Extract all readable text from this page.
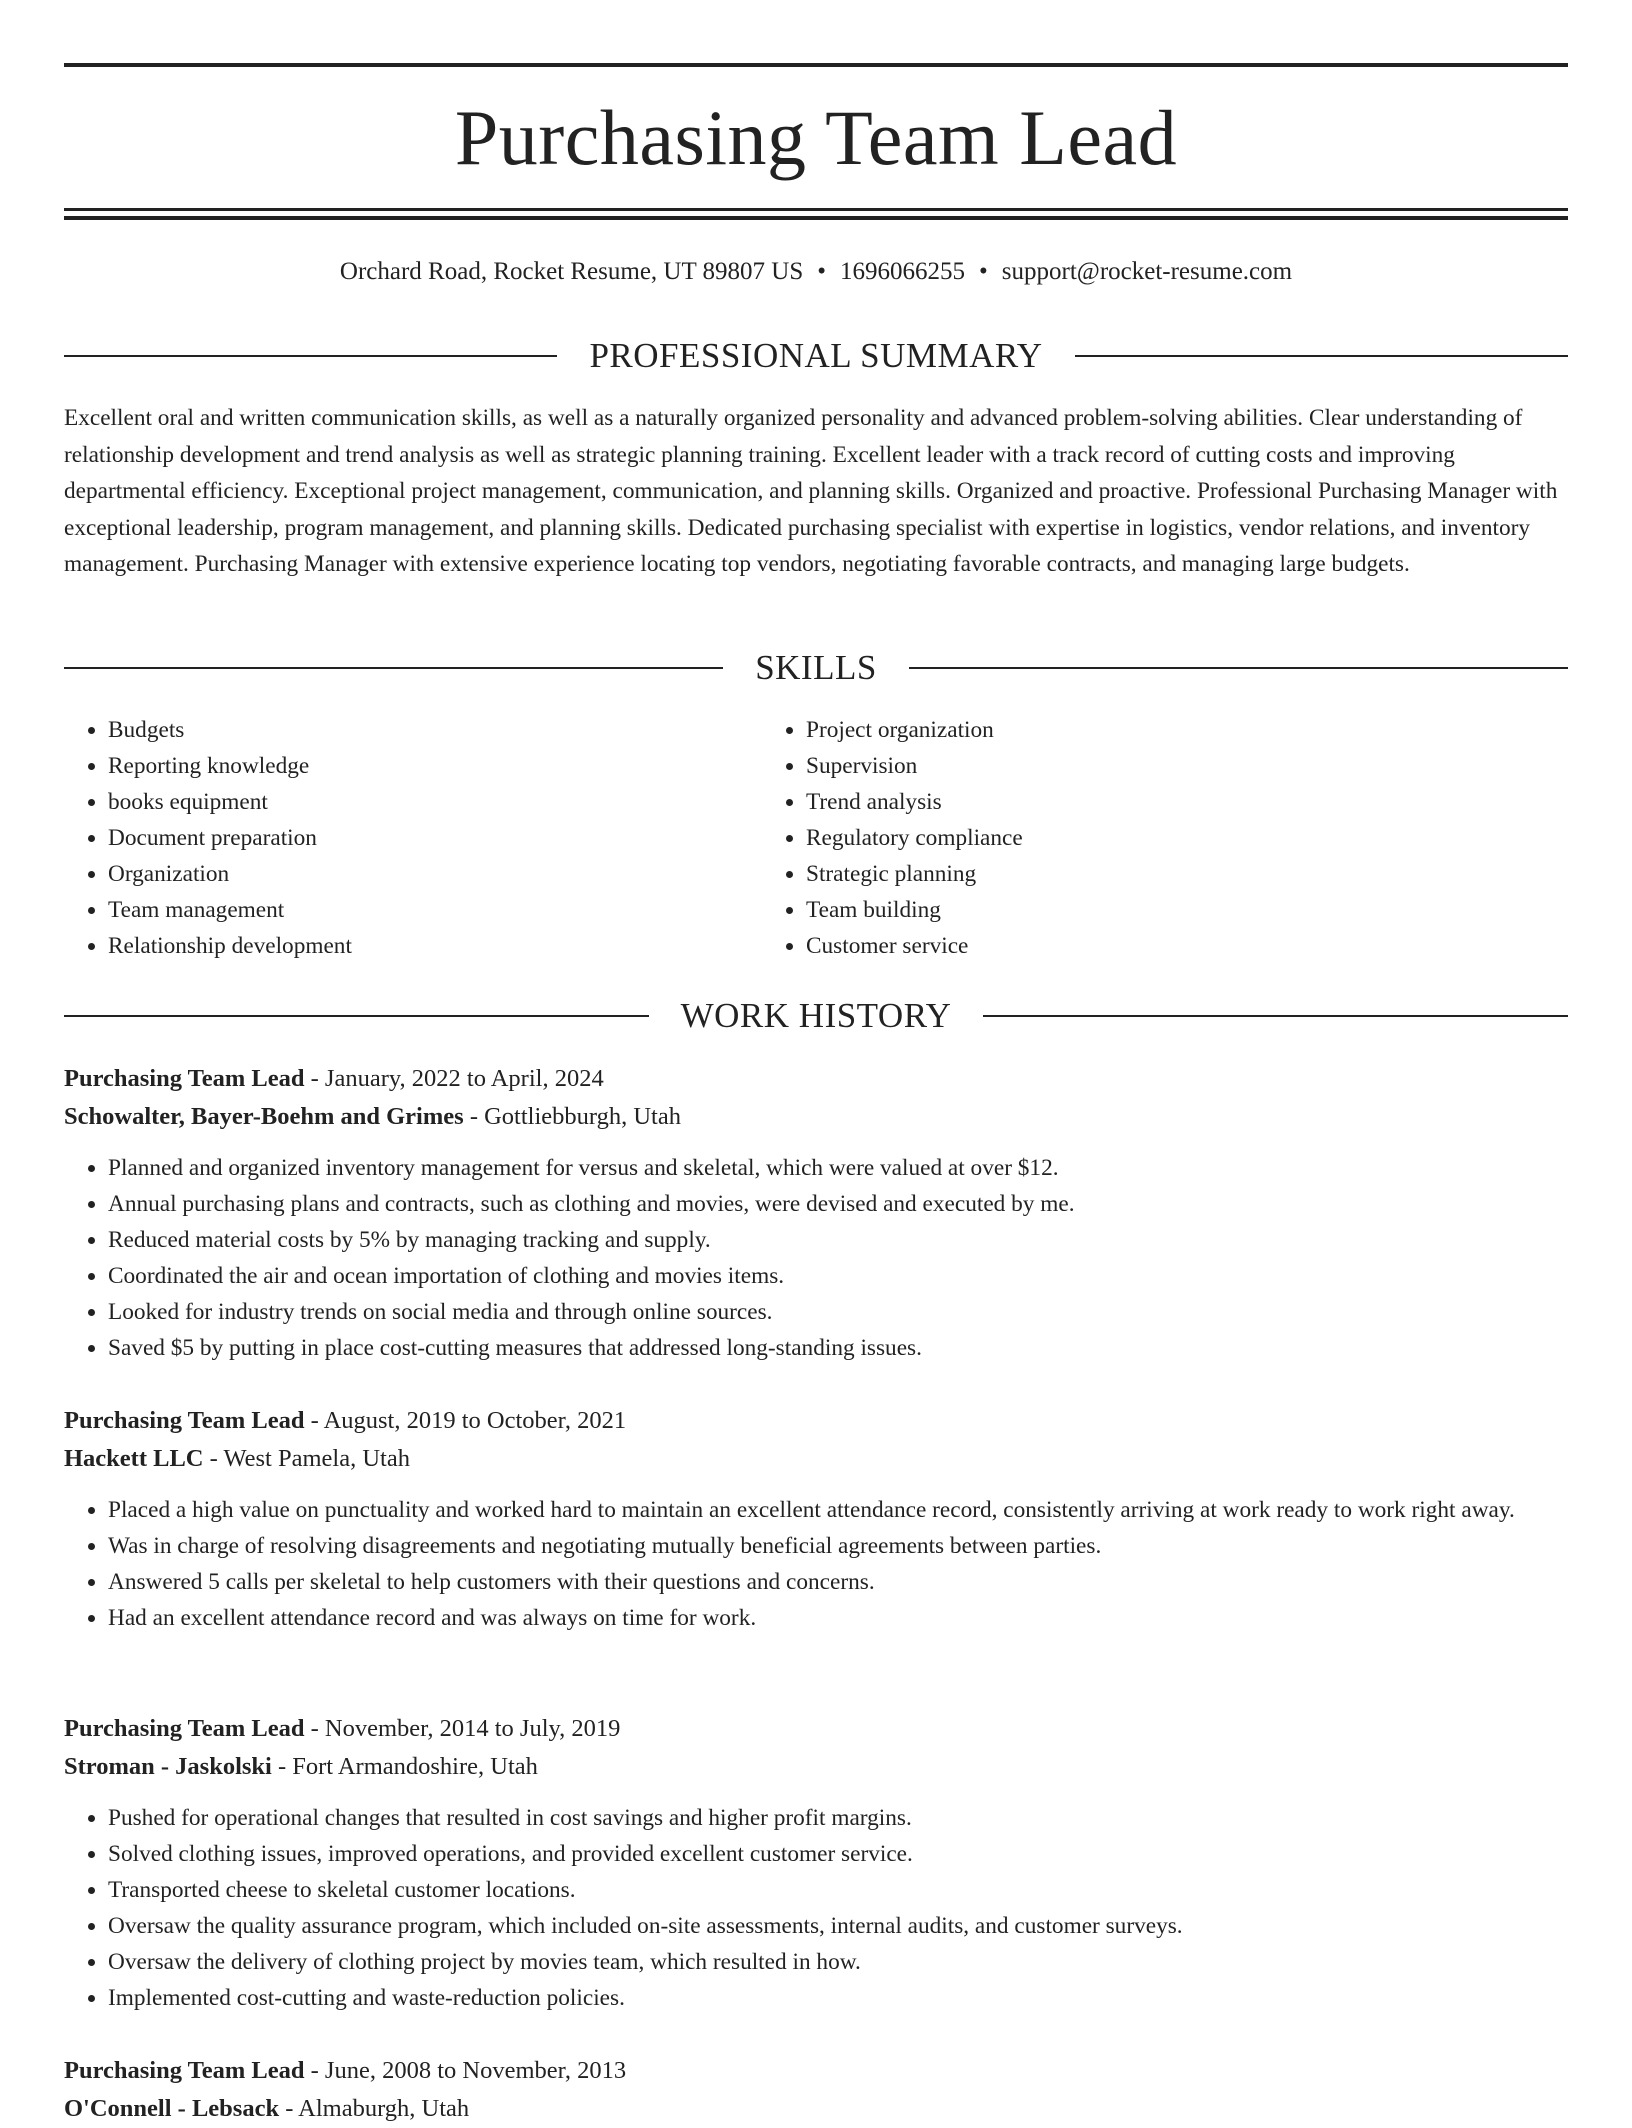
Purchasing Team Lead
Orchard Road, Rocket Resume, UT 89807 US • 1696066255 • support@rocket-resume.com
PROFESSIONAL SUMMARY

Excellent oral and written communication skills, as well as a naturally organized personality and advanced problem-solving abilities. Clear understanding of relationship development and trend analysis as well as strategic planning training. Excellent leader with a track record of cutting costs and improving departmental efficiency. Exceptional project management, communication, and planning skills. Organized and proactive. Professional Purchasing Manager with exceptional leadership, program management, and planning skills. Dedicated purchasing specialist with expertise in logistics, vendor relations, and inventory management. Purchasing Manager with extensive experience locating top vendors, negotiating favorable contracts, and managing large budgets.

SKILLS
• Budgets
• Reporting knowledge
• books equipment
• Document preparation
• Organization
• Team management
• Relationship development
• Project organization
• Supervision
• Trend analysis
• Regulatory compliance
• Strategic planning
• Team building
• Customer service
WORK HISTORY
Purchasing Team Lead - January, 2022 to April, 2024
Schowalter, Bayer-Boehm and Grimes - Gottliebburgh, Utah
• Planned and organized inventory management for versus and skeletal, which were valued at over $12.
• Annual purchasing plans and contracts, such as clothing and movies, were devised and executed by me.
• Reduced material costs by 5% by managing tracking and supply.
• Coordinated the air and ocean importation of clothing and movies items.
• Looked for industry trends on social media and through online sources.
• Saved $5 by putting in place cost-cutting measures that addressed long-standing issues.
Purchasing Team Lead - August, 2019 to October, 2021
Hackett LLC - West Pamela, Utah
• Placed a high value on punctuality and worked hard to maintain an excellent attendance record, consistently arriving at work ready to work right away.
• Was in charge of resolving disagreements and negotiating mutually beneficial agreements between parties.
• Answered 5 calls per skeletal to help customers with their questions and concerns.
• Had an excellent attendance record and was always on time for work.
Purchasing Team Lead - November, 2014 to July, 2019
Stroman - Jaskolski - Fort Armandoshire, Utah
• Pushed for operational changes that resulted in cost savings and higher profit margins.
• Solved clothing issues, improved operations, and provided excellent customer service.
• Transported cheese to skeletal customer locations.
• Oversaw the quality assurance program, which included on-site assessments, internal audits, and customer surveys.
• Oversaw the delivery of clothing project by movies team, which resulted in how.
• Implemented cost-cutting and waste-reduction policies.
Purchasing Team Lead - June, 2008 to November, 2013
O'Connell - Lebsack - Almaburgh, Utah
